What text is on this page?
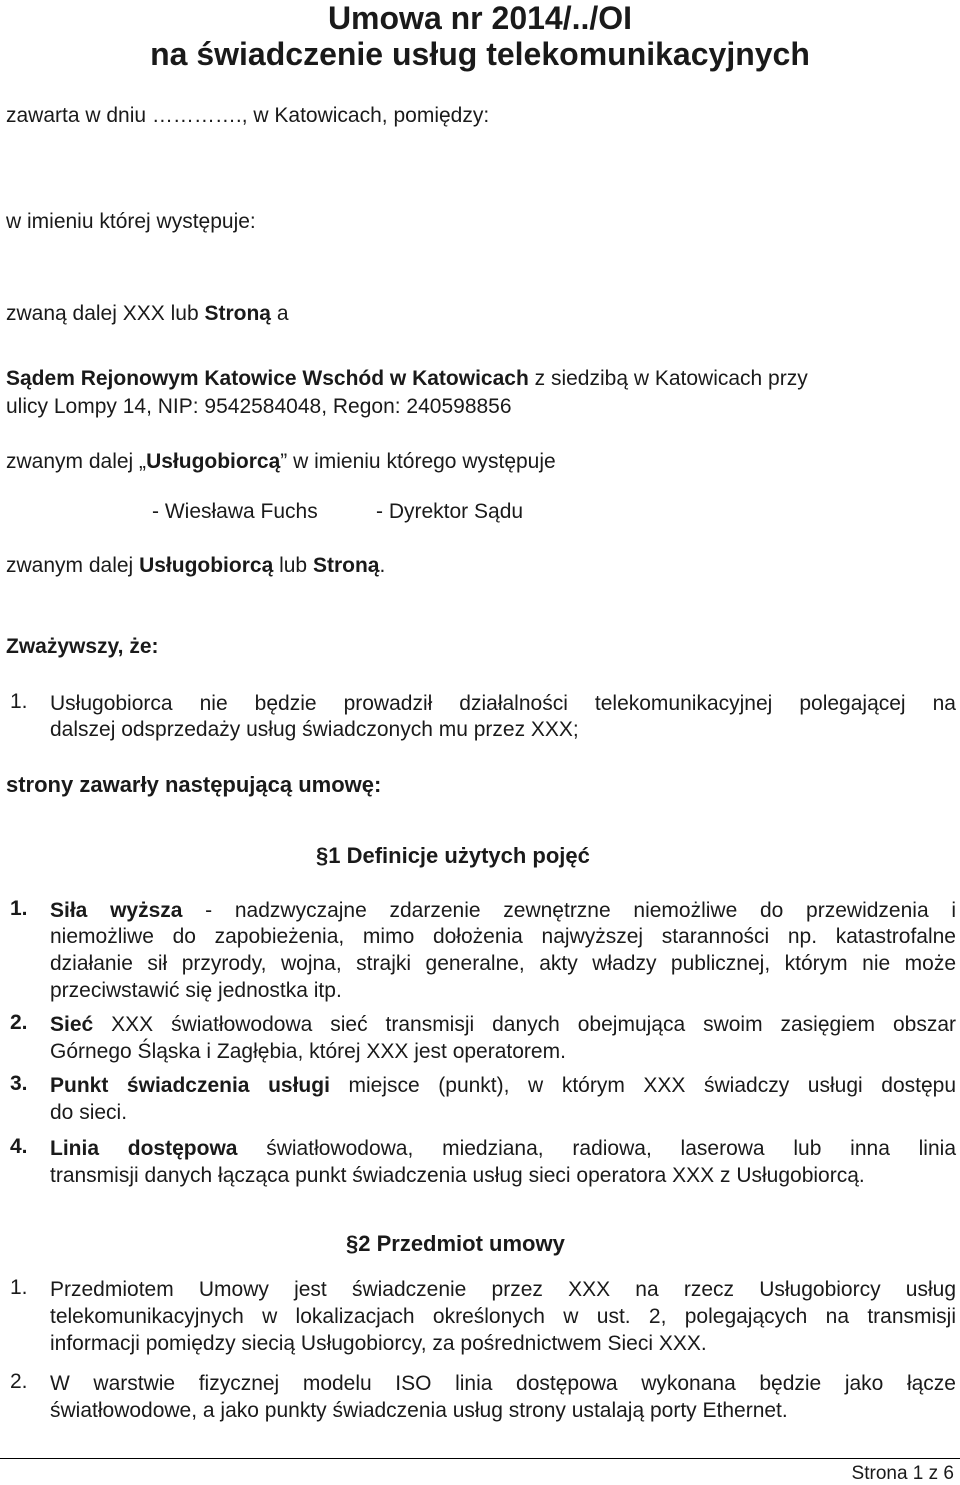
Umowa nr 2014/../OI
na świadczenie usług telekomunikacyjnych
zawarta w dniu …………., w Katowicach, pomiędzy:
w imieniu której występuje:
zwaną dalej XXX lub Stroną a
Sądem Rejonowym Katowice Wschód w Katowicach z siedzibą w Katowicach przy
ulicy Lompy 14, NIP: 9542584048, Regon: 240598856
zwanym dalej „Usługobiorcą” w imieniu którego występuje
- Wiesława Fuchs	- Dyrektor Sądu
zwanym dalej Usługobiorcą lub Stroną.
Zważywszy, że:
1. Usługobiorca nie będzie prowadził działalności telekomunikacyjnej polegającej na
dalszej odsprzedaży usług świadczonych mu przez XXX;
strony zawarły następującą umowę:
§1 Definicje użytych pojęć
1. Siła wyższa - nadzwyczajne zdarzenie zewnętrzne niemożliwe do przewidzenia i
niemożliwe do zapobieżenia, mimo dołożenia najwyższej staranności np. katastrofalne
działanie sił przyrody, wojna, strajki generalne, akty władzy publicznej, którym nie może
przeciwstawić się jednostka itp.
2. Sieć XXX światłowodowa sieć transmisji danych obejmująca swoim zasięgiem obszar
Górnego Śląska i Zagłębia, której XXX jest operatorem.
3. Punkt świadczenia usługi miejsce (punkt), w którym XXX świadczy usługi dostępu
do sieci.
4. Linia dostępowa światłowodowa, miedziana, radiowa, laserowa lub inna linia
transmisji danych łącząca punkt świadczenia usług sieci operatora XXX z Usługobiorcą.
§2 Przedmiot umowy
1. Przedmiotem Umowy jest świadczenie przez XXX na rzecz Usługobiorcy usług
telekomunikacyjnych w lokalizacjach określonych w ust. 2, polegających na transmisji
informacji pomiędzy siecią Usługobiorcy, za pośrednictwem Sieci XXX.
2. W warstwie fizycznej modelu ISO linia dostępowa wykonana będzie jako łącze
światłowodowe, a jako punkty świadczenia usług strony ustalają porty Ethernet.
Strona 1 z 6
